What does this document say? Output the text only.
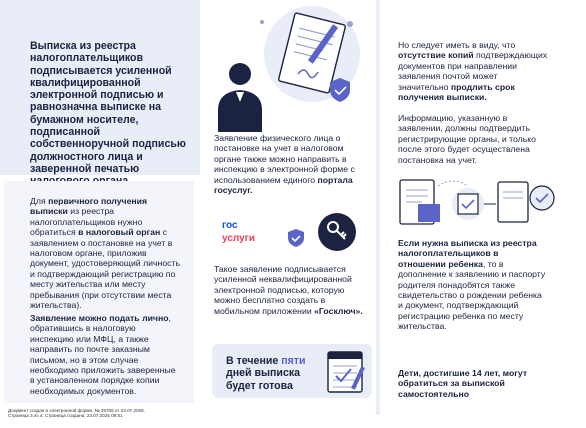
Выписка из реестра налогоплательщиков подписывается усиленной квалифицированной электронной подписью и равнозначна выписке на бумажном носителе, подписанной собственноручной подписью должностного лица и заверенной печатью
Для первичного получения выписки из реестра налогоплательщиков нужно обратиться в налоговый орган с заявлением о постановке на учет в налоговом органе, приложив документ, удостоверяющий личность и подтверждающий регистрацию по месту жительства или месту пребывания (при отсутствии места жительства).
Заявление можно подать лично, обратившись в налоговую инспекцию или МФЦ, а также направить по почте заказным письмом, но в этом случае необходимо приложить заверенные в установленном порядке копии необходимых документов.
Заявление физического лица о постановке на учет в налоговом органе также можно направить в инспекцию в электронной форме с использованием единого портала госуслуг.
гос
услуги
Такое заявление подписывается усиленной неквалифицированной электронной подписью, которую можно бесплатно создать в мобильном приложении «Госключ».
В течение пяти дней выписка будет готова
Но следует иметь в виду, что отсутствие копий подтверждающих документов при направлении заявления почтой может значительно продлить срок получения выписки.
Информацию, указанную в заявлении, должны подтвердить регистрирующие органы, и только после этого будет осуществлена постановка на учет.
Если нужна выписка из реестра налогоплательщиков в отношении ребенка, то в дополнение к заявлению и паспорту родителя понадобятся также свидетельство о рождении ребенка и документ, подтверждающий регистрацию ребенка по месту жительства.
Дети, достигшие 14 лет, могут обратиться за выпиской самостоятельно
Документ создан в электронной форме. № 29706 от 23.07.2025.
Страница 3 из 4. Страница создана: 23.07.2025 09:51
